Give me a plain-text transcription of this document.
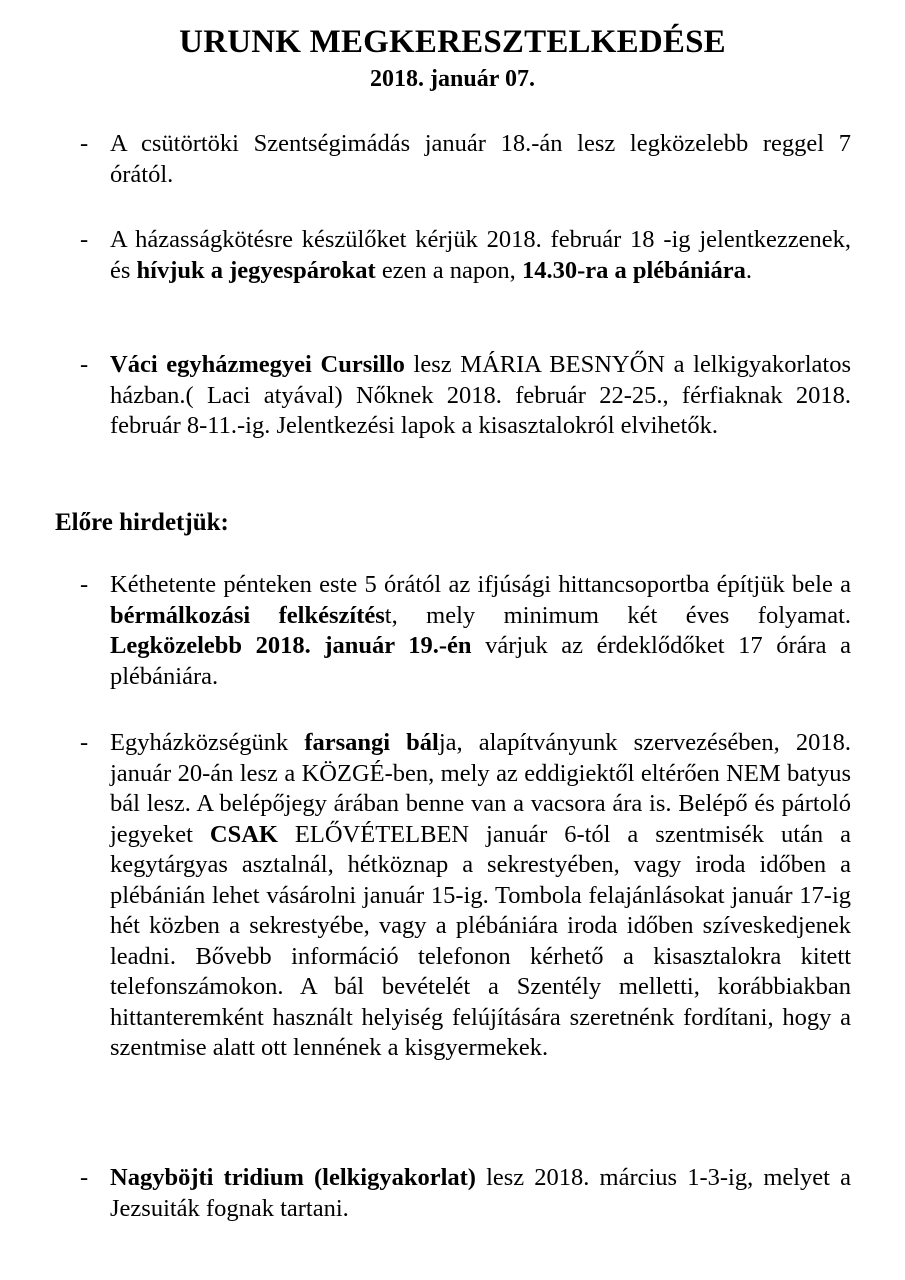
URUNK MEGKERESZTELKEDÉSE
2018. január 07.
- A csütörtöki Szentségimádás január 18.-án lesz legközelebb reggel 7 órától.
- A házasságkötésre készülőket kérjük 2018. február 18 -ig jelentkezzenek, és hívjuk a jegyespárokat ezen a napon, 14.30-ra a plébániára.
- Váci egyházmegyei Cursillo lesz MÁRIA BESNYŐN a lelkigyakorlatos házban.( Laci atyával) Nőknek 2018. február 22-25., férfiaknak 2018. február 8-11.-ig. Jelentkezési lapok a kisasztalokról elvihetők.
Előre hirdetjük:
- Kéthetente pénteken este 5 órától az ifjúsági hittancsoportba építjük bele a bérmálkozási felkészítést, mely minimum két éves folyamat. Legközelebb 2018. január 19.-én várjuk az érdeklődőket 17 órára a plébániára.
- Egyházközségünk farsangi bálja, alapítványunk szervezésében, 2018. január 20-án lesz a KÖZGÉ-ben, mely az eddigiektől eltérően NEM batyus bál lesz. A belépőjegy árában benne van a vacsora ára is. Belépő és pártoló jegyeket CSAK ELŐVÉTELBEN január 6-tól a szentmisék után a kegytárgyas asztalnál, hétköznap a sekrestyében, vagy iroda időben a plébánián lehet vásárolni január 15-ig. Tombola felajánlásokat január 17-ig hét közben a sekrestyébe, vagy a plébániára iroda időben szíveskedjenek leadni. Bővebb információ telefonon kérhető a kisasztalokra kitett telefonszámokon. A bál bevételét a Szentély melletti, korábbiakban hittanteremként használt helyiség felújítására szeretnénk fordítani, hogy a szentmise alatt ott lennének a kisgyermekek.
- Nagyböjti tridium (lelkigyakorlat) lesz 2018. március 1-3-ig, melyet a Jezsuiták fognak tartani.
